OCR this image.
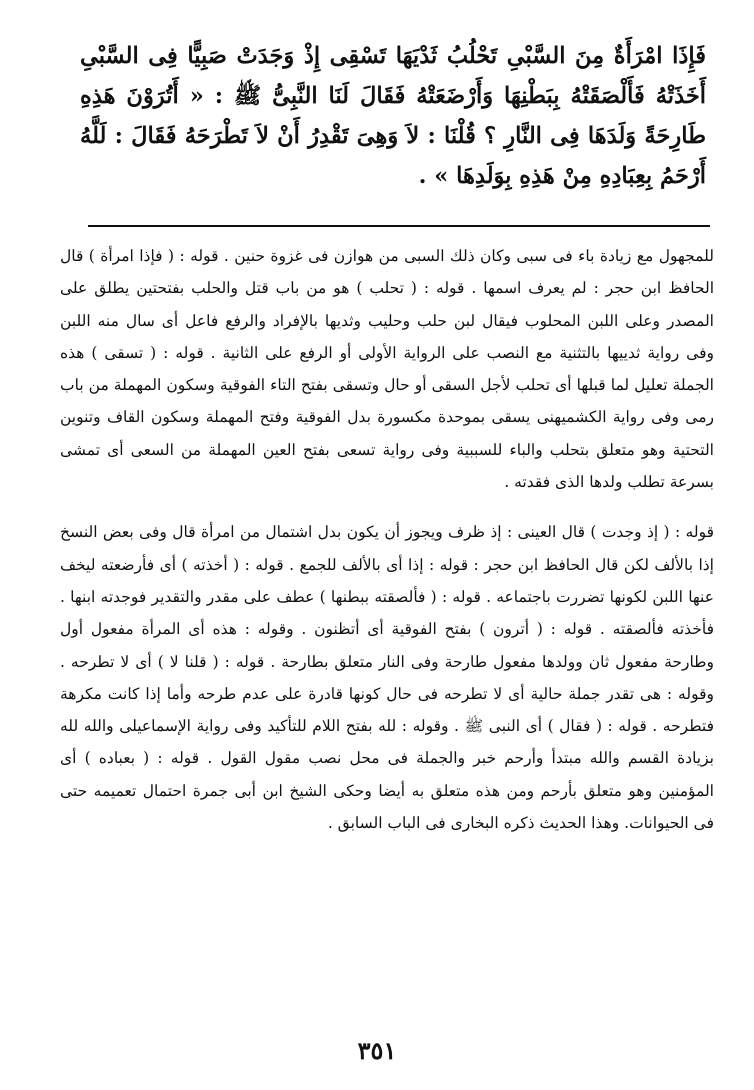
فَإِذَا امْرَأَةٌ مِنَ السَّبْىِ تَحْلُبُ ثَدْيَهَا تَسْقِى إِذْ وَجَدَتْ صَبِيًّا فِى السَّبْىِ أَخَذَتْهُ فَأَلْصَقَتْهُ بِبَطْنِهَا وَأَرْضَعَتْهُ فَقَالَ لَنَا النَّبِىُّ ﷺ : « أَتُرَوْنَ هَذِهِ طَارِحَةً وَلَدَهَا فِى النَّارِ ؟ قُلْنَا : لاَ وَهِىَ تَقْدِرُ أَنْ لاَ تَطْرَحَهُ فَقَالَ : لَلَّهُ أَرْحَمُ بِعِبَادِهِ مِنْ هَذِهِ بِوَلَدِهَا » .

للمجهول مع زيادة باء فى سبى وكان ذلك السبى من هوازن فى غزوة حنين . قوله : ( فإذا امرأة ) قال الحافظ ابن حجر : لم يعرف اسمها . قوله : ( تحلب ) هو من باب قتل والحلب بفتحتين يطلق على المصدر وعلى اللبن المحلوب فيقال لبن حلب وحليب وثديها بالإفراد والرفع فاعل أى سال منه اللبن وفى رواية ثدييها بالتثنية مع النصب على الرواية الأولى أو الرفع على الثانية . قوله : ( تسقى ) هذه الجملة تعليل لما قبلها أى تحلب لأجل السقى أو حال وتسقى بفتح التاء الفوقية وسكون المهملة من باب رمى وفى رواية الكشميهنى يسقى بموحدة مكسورة بدل الفوقية وفتح المهملة وسكون القاف وتنوين التحتية وهو متعلق بتحلب والباء للسببية وفى رواية تسعى بفتح العين المهملة من السعى أى تمشى بسرعة تطلب ولدها الذى فقدته .

قوله : ( إذ وجدت ) قال العينى : إذ ظرف ويجوز أن يكون بدل اشتمال من امرأة قال وفى بعض النسخ إذا بالألف لكن قال الحافظ ابن حجر : قوله : إذا أى بالألف للجمع . قوله : ( أخذته ) أى فأرضعته ليخف عنها اللبن لكونها تضررت باجتماعه . قوله : ( فألصقته ببطنها ) عطف على مقدر والتقدير فوجدته ابنها . فأخذته فألصقته . قوله : ( أترون ) بفتح الفوقية أى أتظنون . وقوله : هذه أى المرأة مفعول أول وطارحة مفعول ثان وولدها مفعول طارحة وفى النار متعلق بطارحة . قوله : ( قلنا لا ) أى لا تطرحه . وقوله : هى تقدر جملة حالية أى لا تطرحه فى حال كونها قادرة على عدم طرحه وأما إذا كانت مكرهة فتطرحه . قوله : ( فقال ) أى النبى ﷺ . وقوله : لله بفتح اللام للتأكيد وفى رواية الإسماعيلى والله لله بزيادة القسم والله مبتدأ وأرحم خبر والجملة فى محل نصب مقول القول . قوله : ( بعباده ) أى المؤمنين وهو متعلق بأرحم ومن هذه متعلق به أيضا وحكى الشيخ ابن أبى جمرة احتمال تعميمه حتى فى الحيوانات. وهذا الحديث ذكره البخارى فى الباب السابق .

٣٥١
